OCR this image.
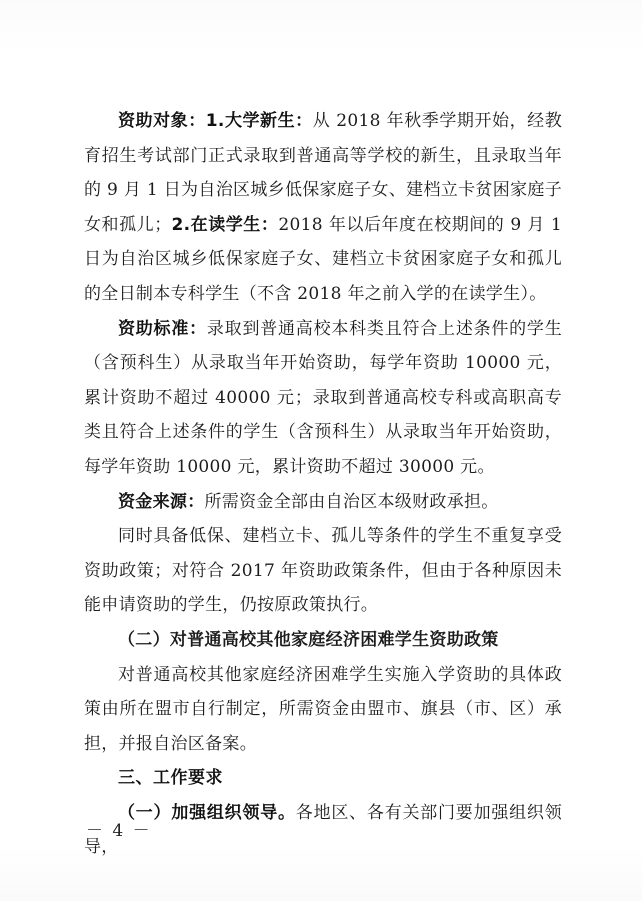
资助对象：1.大学新生：从 2018 年秋季学期开始，经教育招生考试部门正式录取到普通高等学校的新生，且录取当年的 9 月 1 日为自治区城乡低保家庭子女、建档立卡贫困家庭子女和孤儿；2.在读学生：2018 年以后年度在校期间的 9 月 1 日为自治区城乡低保家庭子女、建档立卡贫困家庭子女和孤儿的全日制本专科学生（不含 2018 年之前入学的在读学生）。

资助标准：录取到普通高校本科类且符合上述条件的学生（含预科生）从录取当年开始资助，每学年资助 10000 元，累计资助不超过 40000 元；录取到普通高校专科或高职高专类且符合上述条件的学生（含预科生）从录取当年开始资助，每学年资助 10000 元，累计资助不超过 30000 元。

资金来源：所需资金全部由自治区本级财政承担。

同时具备低保、建档立卡、孤儿等条件的学生不重复享受资助政策；对符合 2017 年资助政策条件，但由于各种原因未能申请资助的学生，仍按原政策执行。

（二）对普通高校其他家庭经济困难学生资助政策

对普通高校其他家庭经济困难学生实施入学资助的具体政策由所在盟市自行制定，所需资金由盟市、旗县（市、区）承担，并报自治区备案。

三、工作要求

（一）加强组织领导。各地区、各有关部门要加强组织领导，

－ 4 －
